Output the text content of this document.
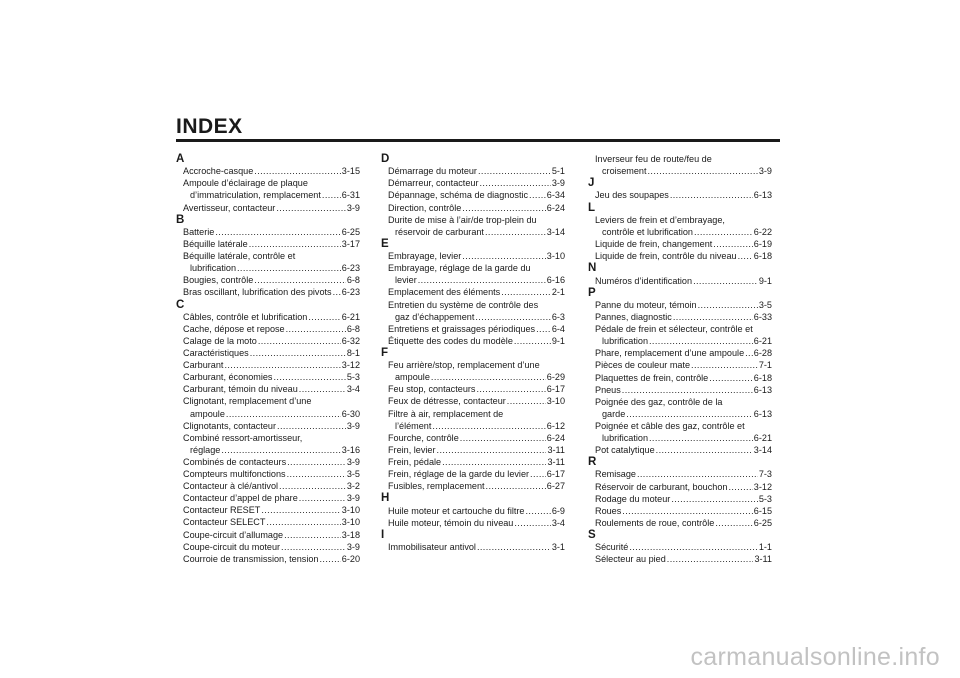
INDEX
A
Accroche-casque .....	3-15
Ampoule d’éclairage de plaque
d’immatriculation, remplacement ..... 6-31
Avertisseur, contacteur .....	3-9
B
Batterie .....	6-25
Béquille latérale .....	3-17
Béquille latérale, contrôle et
lubrification .....	6-23
Bougies, contrôle .....	6-8
Bras oscillant, lubrification des pivots ..... 6-23
C
Câbles, contrôle et lubrification .....	6-21
Cache, dépose et repose .....	6-8
Calage de la moto .....	6-32
Caractéristiques .....	8-1
Carburant .....	3-12
Carburant, économies .....	5-3
Carburant, témoin du niveau .....	3-4
Clignotant, remplacement d’une
ampoule .....	6-30
Clignotants, contacteur .....	3-9
Combiné ressort-amortisseur,
réglage .....	3-16
Combinés de contacteurs .....	3-9
Compteurs multifonctions .....	3-5
Contacteur à clé/antivol .....	3-2
Contacteur d’appel de phare .....	3-9
Contacteur RESET .....	3-10
Contacteur SELECT .....	3-10
Coupe-circuit d’allumage .....	3-18
Coupe-circuit du moteur .....	3-9
Courroie de transmission, tension .....	6-20
D
Démarrage du moteur .....	5-1
Démarreur, contacteur .....	3-9
Dépannage, schéma de diagnostic ..... 6-34
Direction, contrôle .....	6-24
Durite de mise à l’air/de trop-plein du
réservoir de carburant .....	3-14
E
Embrayage, levier .....	3-10
Embrayage, réglage de la garde du
levier .....	6-16
Emplacement des éléments .....	2-1
Entretien du système de contrôle des
gaz d’échappement .....	6-3
Entretiens et graissages périodiques ..... 6-4
Étiquette des codes du modèle .....	9-1
F
Feu arrière/stop, remplacement d’une
ampoule .....	6-29
Feu stop, contacteurs .....	6-17
Feux de détresse, contacteur .....	3-10
Filtre à air, remplacement de
l’élément .....	6-12
Fourche, contrôle .....	6-24
Frein, levier .....	3-11
Frein, pédale .....	3-11
Frein, réglage de la garde du levier ..... 6-17
Fusibles, remplacement .....	6-27
H
Huile moteur et cartouche du filtre .....	6-9
Huile moteur, témoin du niveau .....	3-4
I
Immobilisateur antivol .....	3-1
Inverseur feu de route/feu de
croisement .....	3-9
J
Jeu des soupapes .....	6-13
L
Leviers de frein et d’embrayage,
contrôle et lubrification .....	6-22
Liquide de frein, changement .....	6-19
Liquide de frein, contrôle du niveau ..... 6-18
N
Numéros d’identification .....	9-1
P
Panne du moteur, témoin .....	3-5
Pannes, diagnostic .....	6-33
Pédale de frein et sélecteur, contrôle et
lubrification .....	6-21
Phare, remplacement d’une ampoule ..... 6-28
Pièces de couleur mate .....	7-1
Plaquettes de frein, contrôle .....	6-18
Pneus .....	6-13
Poignée des gaz, contrôle de la
garde .....	6-13
Poignée et câble des gaz, contrôle et
lubrification .....	6-21
Pot catalytique .....	3-14
R
Remisage .....	7-3
Réservoir de carburant, bouchon .....	3-12
Rodage du moteur .....	5-3
Roues .....	6-15
Roulements de roue, contrôle .....	6-25
S
Sécurité .....	1-1
Sélecteur au pied .....	3-11
carmanualsonline.info
